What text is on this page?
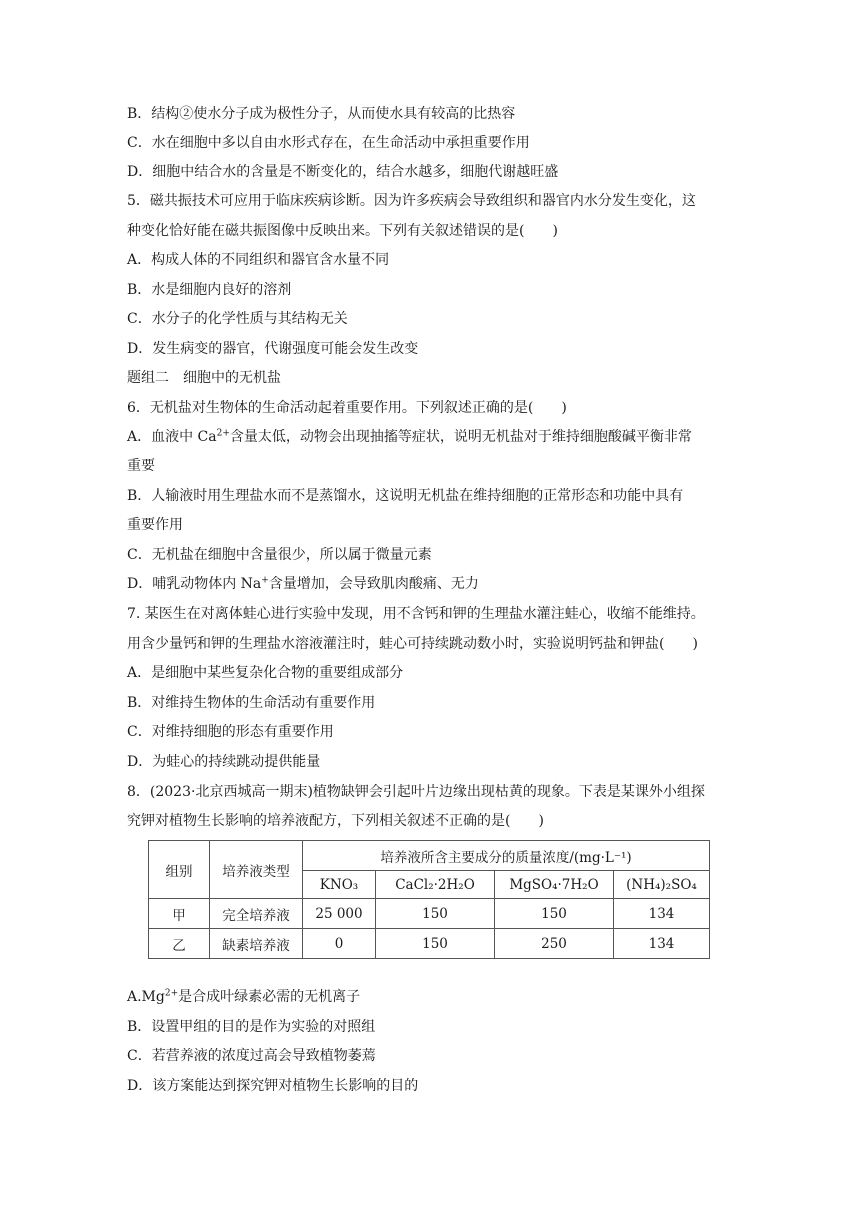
B．结构②使水分子成为极性分子，从而使水具有较高的比热容
C．水在细胞中多以自由水形式存在，在生命活动中承担重要作用
D．细胞中结合水的含量是不断变化的，结合水越多，细胞代谢越旺盛
5．磁共振技术可应用于临床疾病诊断。因为许多疾病会导致组织和器官内水分发生变化，这
种变化恰好能在磁共振图像中反映出来。下列有关叙述错误的是(　　)
A．构成人体的不同组织和器官含水量不同
B．水是细胞内良好的溶剂
C．水分子的化学性质与其结构无关
D．发生病变的器官，代谢强度可能会发生改变
题组二　细胞中的无机盐
6．无机盐对生物体的生命活动起着重要作用。下列叙述正确的是(　　)
A．血液中 $Ca^{2+}$含量太低，动物会出现抽搐等症状，说明无机盐对于维持细胞酸碱平衡非常
重要
B．人输液时用生理盐水而不是蒸馏水，这说明无机盐在维持细胞的正常形态和功能中具有
重要作用
C．无机盐在细胞中含量很少，所以属于微量元素
D．哺乳动物体内 Na+含量增加，会导致肌肉酸痛、无力
7. 某医生在对离体蛙心进行实验中发现，用不含钙和钾的生理盐水灌注蛙心，收缩不能维持。
用含少量钙和钾的生理盐水溶液灌注时，蛙心可持续跳动数小时，实验说明钙盐和钾盐(　　)
A．是细胞中某些复杂化合物的重要组成部分
B．对维持生物体的生命活动有重要作用
C．对维持细胞的形态有重要作用
D．为蛙心的持续跳动提供能量
8．(2023·北京西城高一期末)植物缺钾会引起叶片边缘出现枯黄的现象。下表是某课外小组探
究钾对植物生长影响的培养液配方，下列相关叙述不正确的是(　　)
组别	培养液类型	培养液所含主要成分的质量浓度/(mg·L⁻¹)			
		KNO₃	CaCl₂·2H₂O	MgSO₄·7H₂O	(NH₄)₂SO₄
甲	完全培养液	25 000	150	150	134
乙	缺素培养液	0	150	250	134
$A.Mg^{2+}$是合成叶绿素必需的无机离子
B．设置甲组的目的是作为实验的对照组
C．若营养液的浓度过高会导致植物萎蔫
D．该方案能达到探究钾对植物生长影响的目的
